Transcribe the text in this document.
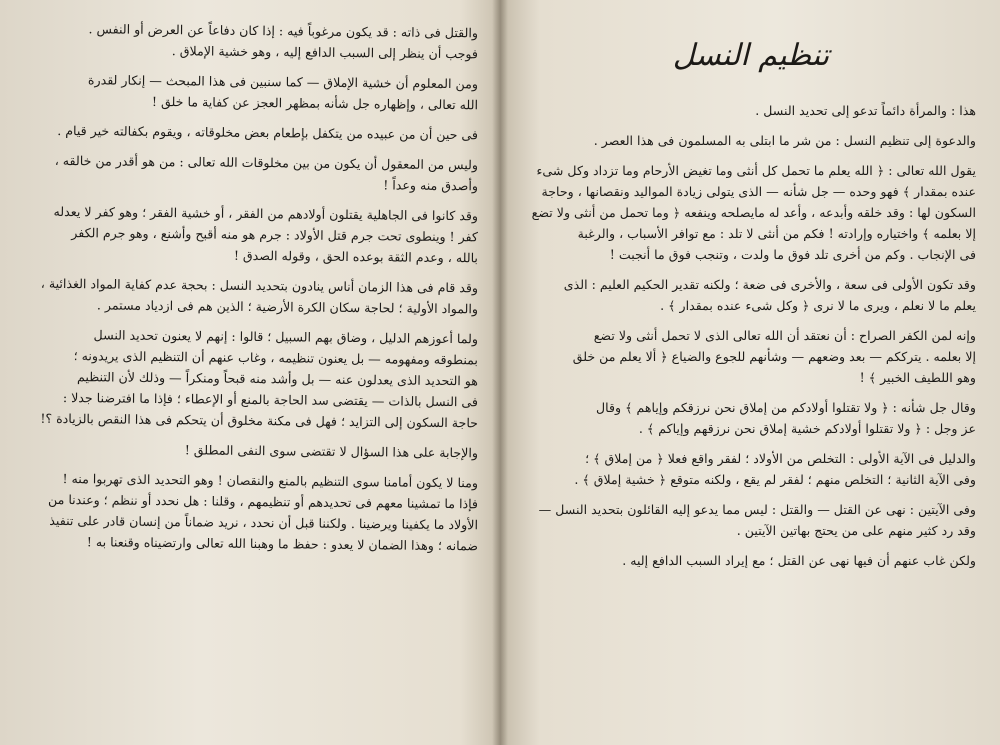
والقتل فى ذاته : قد يكون مرغوباً فيه : إذا كان دفاعاً عن العرض أو النفس .

فوجب أن ينظر إلى السبب الدافع إليه ، وهو خشية الإملاق .

ومن المعلوم أن خشية الإملاق — كما سنبين فى هذا المبحث — إنكار لقدرة

الله تعالى ، وإظهاره جل شأنه بمظهر العجز عن كفاية ما خلق !

فى حين أن من عبيده من يتكفل بإطعام بعض مخلوقاته ، ويقوم بكفالته خير قيام .

وليس من المعقول أن يكون من بين مخلوقات الله تعالى : من هو أقدر من خالقه ،

وأصدق منه وعداً !

وقد كانوا فى الجاهلية يقتلون أولادهم من الفقر ، أو خشية الفقر ؛ وهو كفر لا يعدله

كفر ! وينطوى تحت جرم قتل الأولاد : جرم هو منه أقبح وأشنع ، وهو جرم الكفر

بالله ، وعدم الثقة بوعده الحق ، وقوله الصدق !

وقد قام فى هذا الزمان أناس ينادون بتحديد النسل : بحجة عدم كفاية المواد الغذائية ،

والمواد الأولية ؛ لحاجة سكان الكرة الأرضية ؛ الذين هم فى ازدياد مستمر .

ولما أعوزهم الدليل ، وضاق بهم السبيل ؛ قالوا : إنهم لا يعنون تحديد النسل

بمنطوقه ومفهومه — بل يعنون تنظيمه ، وغاب عنهم أن التنظيم الذى يريدونه ؛

هو التحديد الذى يعدلون عنه — بل وأشد منه قبحاً ومنكراً — وذلك لأن التنظيم

فى النسل بالذات — يقتضى سد الحاجة بالمنع أو الإعطاء ؛ فإذا ما افترضنا جدلا :

حاجة السكون إلى التزايد ؛ فهل فى مكنة مخلوق أن يتحكم فى هذا النقص بالزيادة ؟!

والإجابة على هذا السؤال لا تقتضى سوى النفى المطلق !

ومنا لا يكون أمامنا سوى التنظيم بالمنع والنقصان ! وهو التحديد الذى تهربوا منه !

فإذا ما تمشينا معهم فى تحديدهم أو تنظيمهم ، وقلنا : هل نحدد أو ننظم ؛ وعندنا من

الأولاد ما يكفينا ويرضينا . ولكننا قبل أن نحدد ، نريد ضماناً من إنسان قادر على تنفيذ

ضمانه ؛ وهذا الضمان لا يعدو : حفظ ما وهبنا الله تعالى وارتضيناه وقنعنا به !

تنظيم النسل

هذا : والمرأة دائماً تدعو إلى تحديد النسل .

والدعوة إلى تنظيم النسل : من شر ما ابتلى به المسلمون فى هذا العصر .

يقول الله تعالى : ﴿ الله يعلم ما تحمل كل أنثى وما تغيض الأرحام وما تزداد وكل شىء

عنده بمقدار ﴾ فهو وحده — جل شأنه — الذى يتولى زيادة المواليد ونقصانها ، وحاجة

السكون لها : وقد خلقه وأبدعه ، وأعد له مايصلحه وينفعه ﴿ وما تحمل من أنثى ولا تضع

إلا بعلمه ﴾ واختياره وإرادته ! فكم من أنثى لا تلد : مع توافر الأسباب ، والرغبة

فى الإنجاب . وكم من أخرى تلد فوق ما ولدت ، وتنجب فوق ما أنجبت !

وقد تكون الأولى فى سعة ، والأخرى فى ضعة ؛ ولكنه تقدير الحكيم العليم : الذى

يعلم ما لا نعلم ، ويرى ما لا نرى ﴿ وكل شىء عنده بمقدار ﴾ .

وإنه لمن الكفر الصراح : أن نعتقد أن الله تعالى الذى لا تحمل أنثى ولا تضع

إلا بعلمه . يترككم — بعد وضعهم — وشأنهم للجوع والضياع ﴿ ألا يعلم من خلق

وهو اللطيف الخبير ﴾ !

وقال جل شأنه : ﴿ ولا تقتلوا أولادكم من إملاق نحن نرزقكم وإياهم ﴾ وقال

عز وجل : ﴿ ولا تقتلوا أولادكم خشية إملاق نحن نرزقهم وإياكم ﴾ .

والدليل فى الآية الأولى : التخلص من الأولاد ؛ لفقر واقع فعلا ﴿ من إملاق ﴾ ؛

وفى الآية الثانية ؛ التخلص منهم ؛ لفقر لم يقع ، ولكنه متوقع ﴿ خشية إملاق ﴾ .

وفى الآيتين : نهى عن القتل — والقتل : ليس مما يدعو إليه القائلون بتحديد النسل —

وقد رد كثير منهم على من يحتج بهاتين الآيتين .

ولكن غاب عنهم أن فيها نهى عن القتل ؛ مع إيراد السبب الدافع إليه .
